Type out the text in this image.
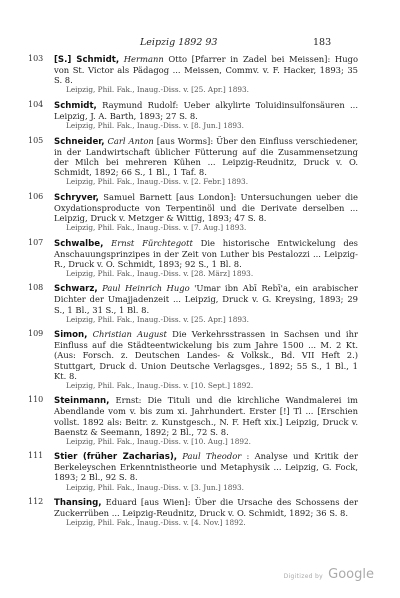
Leipzig 1892 93	183
103	[S.] Schmidt, Hermann Otto [Pfarrer in Zadel bei Meissen]: Hugo von St. Victor als Pädagog ... Meissen, Commv. v. F. Hacker, 1893; 35 S. 8.
Leipzig, Phil. Fak., Inaug.-Diss. v. [25. Apr.] 1893.
104	Schmidt, Raymund Rudolf: Ueber alkylirte Toluidinsulfonsäuren ... Leipzig, J. A. Barth, 1893; 27 S. 8.
Leipzig, Phil. Fak., Inaug.-Diss. v. [8. Jun.] 1893.
105	Schneider, Carl Anton [aus Worms]: Über den Einfluss verschiedener, in der Landwirtschaft üblicher Fütterung auf die Zusammensetzung der Milch bei mehreren Kühen ... Leipzig-Reudnitz, Druck v. O. Schmidt, 1892; 66 S., 1 Bl., 1 Taf. 8.
Leipzig, Phil. Fak., Inaug.-Diss. v. [2. Febr.] 1893.
106	Schryver, Samuel Barnett [aus London]: Untersuchungen ueber die Oxydationsproducte von Terpentinöl und die Derivate derselben ... Leipzig, Druck v. Metzger & Wittig, 1893; 47 S. 8.
Leipzig, Phil. Fak., Inaug.-Diss. v. [7. Aug.] 1893.
107	Schwalbe, Ernst Fürchtegott Die historische Entwickelung des Anschauungsprinzipes in der Zeit von Luther bis Pestalozzi ... Leipzig-R., Druck v. O. Schmidt, 1893; 92 S., 1 Bl. 8.
Leipzig, Phil. Fak., Inaug.-Diss. v. [28. März] 1893.
108	Schwarz, Paul Heinrich Hugo 'Umar ibn Abī Rebī'a, ein arabischer Dichter der Umajjadenzeit ... Leipzig, Druck v. G. Kreysing, 1893; 29 S., 1 Bl., 31 S., 1 Bl. 8.
Leipzig, Phil. Fak., Inaug.-Diss. v. [25. Apr.] 1893.
109	Simon, Christian August Die Verkehrsstrassen in Sachsen und ihr Einfluss auf die Städteentwickelung bis zum Jahre 1500 ... M. 2 Kt. (Aus: Forsch. z. Deutschen Landes- & Volksk., Bd. VII Heft 2.) Stuttgart, Druck d. Union Deutsche Verlagsges., 1892; 55 S., 1 Bl., 1 Kt. 8.
Leipzig, Phil. Fak., Inaug.-Diss. v. [10. Sept.] 1892.
110	Steinmann, Ernst: Die Tituli und die kirchliche Wandmalerei im Abendlande vom v. bis zum xi. Jahrhundert. Erster [!] Tl ... [Erschien vollst. 1892 als: Beitr. z. Kunstgesch., N. F. Heft xix.] Leipzig, Druck v. Baenstz & Seemann, 1892; 2 Bl., 72 S. 8.
Leipzig, Phil. Fak., Inaug.-Diss. v. [10. Aug.] 1892.
111	Stier (früher Zacharias), Paul Theodor : Analyse und Kritik der Berkeleyschen Erkenntnistheorie und Metaphysik ... Leipzig, G. Fock, 1893; 2 Bl., 92 S. 8.
Leipzig, Phil. Fak., Inaug.-Diss. v. [3. Jun.] 1893.
112	Thansing, Eduard [aus Wien]: Über die Ursache des Schossens der Zuckerrüben ... Leipzig-Reudnitz, Druck v. O. Schmidt, 1892; 36 S. 8.
Leipzig, Phil. Fak., Inaug.-Diss. v. [4. Nov.] 1892.
Digitized by Google
